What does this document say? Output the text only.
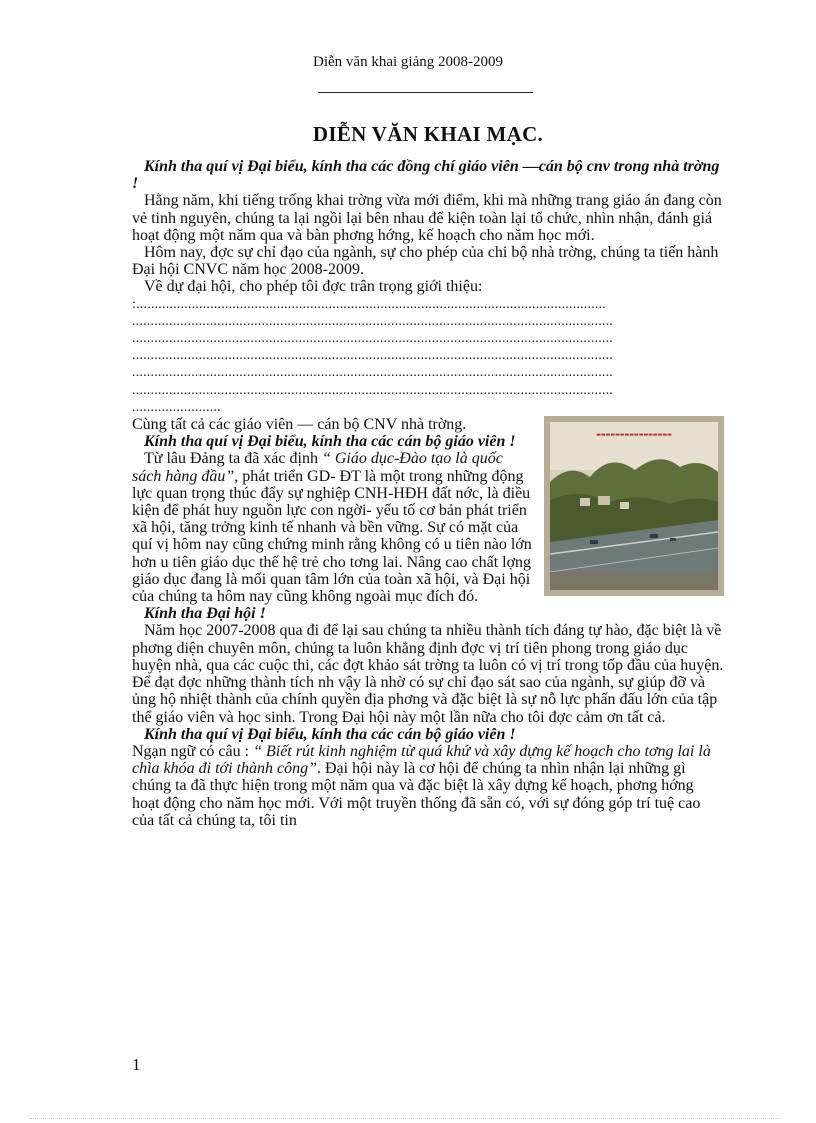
Diễn văn khai giảng 2008-2009
DIỄN VĂN KHAI MẠC.

Kính tha quí vị Đại biểu, kính tha các đồng chí giáo viên —cán bộ cnv trong nhà trờng !

Hằng năm, khi tiếng trống khai trờng vừa mới điểm, khi mà những trang giáo án đang còn vẻ tinh nguyên, chúng ta lại ngồi lại bên nhau để kiện toàn lại tổ chức, nhìn nhận, đánh giá hoạt động một năm qua và bàn phơng hớng, kế hoạch cho năm học mới.

Hôm nay, đợc sự chỉ đạo của ngành, sự cho phép của chi bộ nhà trờng, chúng ta tiến hành Đại hội CNVC năm học 2008-2009.

Về dự đại hội, cho phép tôi đợc trân trọng giới thiệu:

:...............................................................................................................................
..................................................................................................................................
..................................................................................................................................
..................................................................................................................................
..................................................................................................................................
..................................................................................................................................
........................
▬▬▬▬▬▬▬▬▬▬▬▬▬▬▬▬

Cùng tất cả các giáo viên — cán bộ CNV nhà trờng.

Kính tha quí vị Đại biểu, kính tha các cán bộ giáo viên !

Từ lâu Đảng ta đã xác định “ Giáo dục-Đào tạo là quốc sách hàng đầu”, phát triển GD- ĐT là một trong những động lực quan trọng thúc đẩy sự nghiệp CNH-HĐH đất nớc, là điều kiện để phát huy nguồn lực con ngời- yếu tố cơ bản phát triển xã hội, tăng trởng kinh tế nhanh và bền vững. Sự có mặt của quí vị hôm nay cũng chứng minh rằng không có u tiên nào lớn hơn u tiên giáo dục thế hệ trẻ cho tơng lai. Nâng cao chất lợng giáo dục đang là mối quan tâm lớn của toàn xã hội, và Đại hội của chúng ta hôm nay cũng không ngoài mục đích đó.

Kính tha Đại hội !

Năm học 2007-2008 qua đi để lại sau chúng ta nhiều thành tích đáng tự hào, đặc biệt là về phơng diện chuyên môn, chúng ta luôn khẳng định đợc vị trí tiên phong trong giáo dục huyện nhà, qua các cuộc thi, các đợt khảo sát trờng ta luôn có vị trí trong tốp đầu của huyện. Để đạt đợc những thành tích nh vậy là nhờ có sự chỉ đạo sát sao của ngành, sự giúp đỡ và ủng hộ nhiệt thành của chính quyền địa phơng và đặc biệt là sự nỗ lực phấn đấu lớn của tập thể giáo viên và học sinh. Trong Đại hội này một lần nữa cho tôi đợc cảm ơn tất cả.

Kính tha quí vị Đại biểu, kính tha các cán bộ giáo viên !

Ngạn ngữ có câu : “ Biết rút kinh nghiệm từ quá khứ và xây dựng kế hoạch cho tơng lai là chìa khóa đi tới thành công”. Đại hội này là cơ hội để chúng ta nhìn nhận lại những gì chúng ta đã thực hiện trong một năm qua và đặc biệt là xây dựng kế hoạch, phơng hớng hoạt động cho năm học mới. Với một truyền thống đã sẵn có, với sự đóng góp trí tuệ cao của tất cả chúng ta, tôi tin

1
